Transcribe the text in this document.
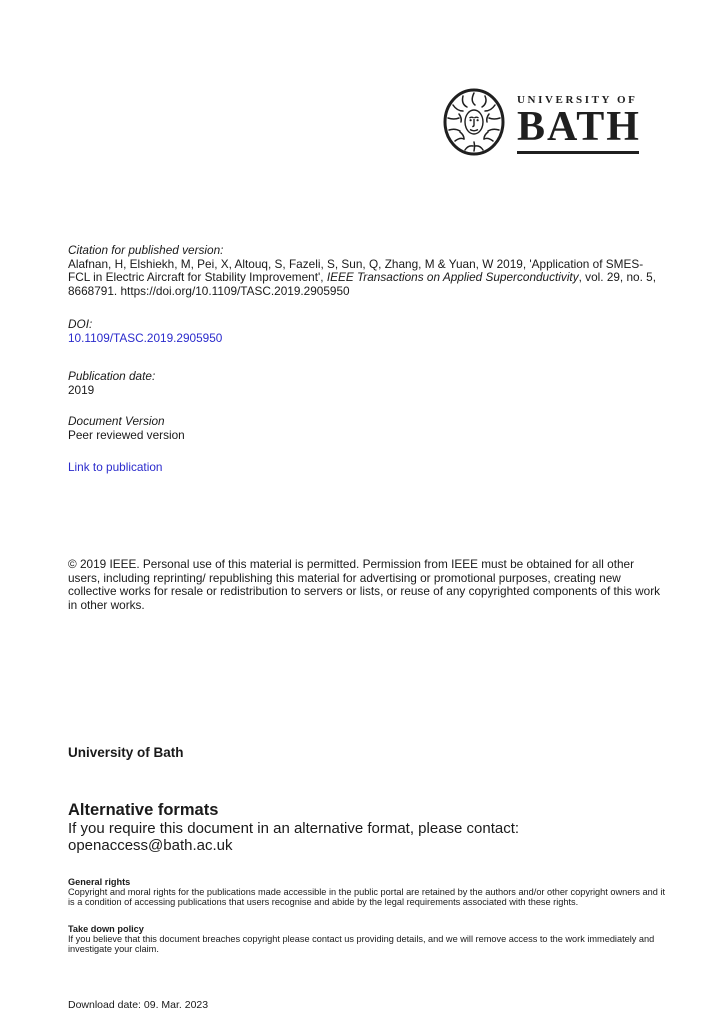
UNIVERSITY OF
BATH
Citation for published version:
Alafnan, H, Elshiekh, M, Pei, X, Altouq, S, Fazeli, S, Sun, Q, Zhang, M & Yuan, W 2019, 'Application of SMES-FCL in Electric Aircraft for Stability Improvement', IEEE Transactions on Applied Superconductivity, vol. 29, no. 5, 8668791. https://doi.org/10.1109/TASC.2019.2905950
DOI:
10.1109/TASC.2019.2905950
Publication date:
2019
Document Version
Peer reviewed version
Link to publication
© 2019 IEEE. Personal use of this material is permitted. Permission from IEEE must be obtained for all other users, including reprinting/ republishing this material for advertising or promotional purposes, creating new collective works for resale or redistribution to servers or lists, or reuse of any copyrighted components of this work in other works.
University of Bath
Alternative formats
If you require this document in an alternative format, please contact:
openaccess@bath.ac.uk
General rights
Copyright and moral rights for the publications made accessible in the public portal are retained by the authors and/or other copyright owners and it is a condition of accessing publications that users recognise and abide by the legal requirements associated with these rights.
Take down policy
If you believe that this document breaches copyright please contact us providing details, and we will remove access to the work immediately and investigate your claim.
Download date: 09. Mar. 2023
